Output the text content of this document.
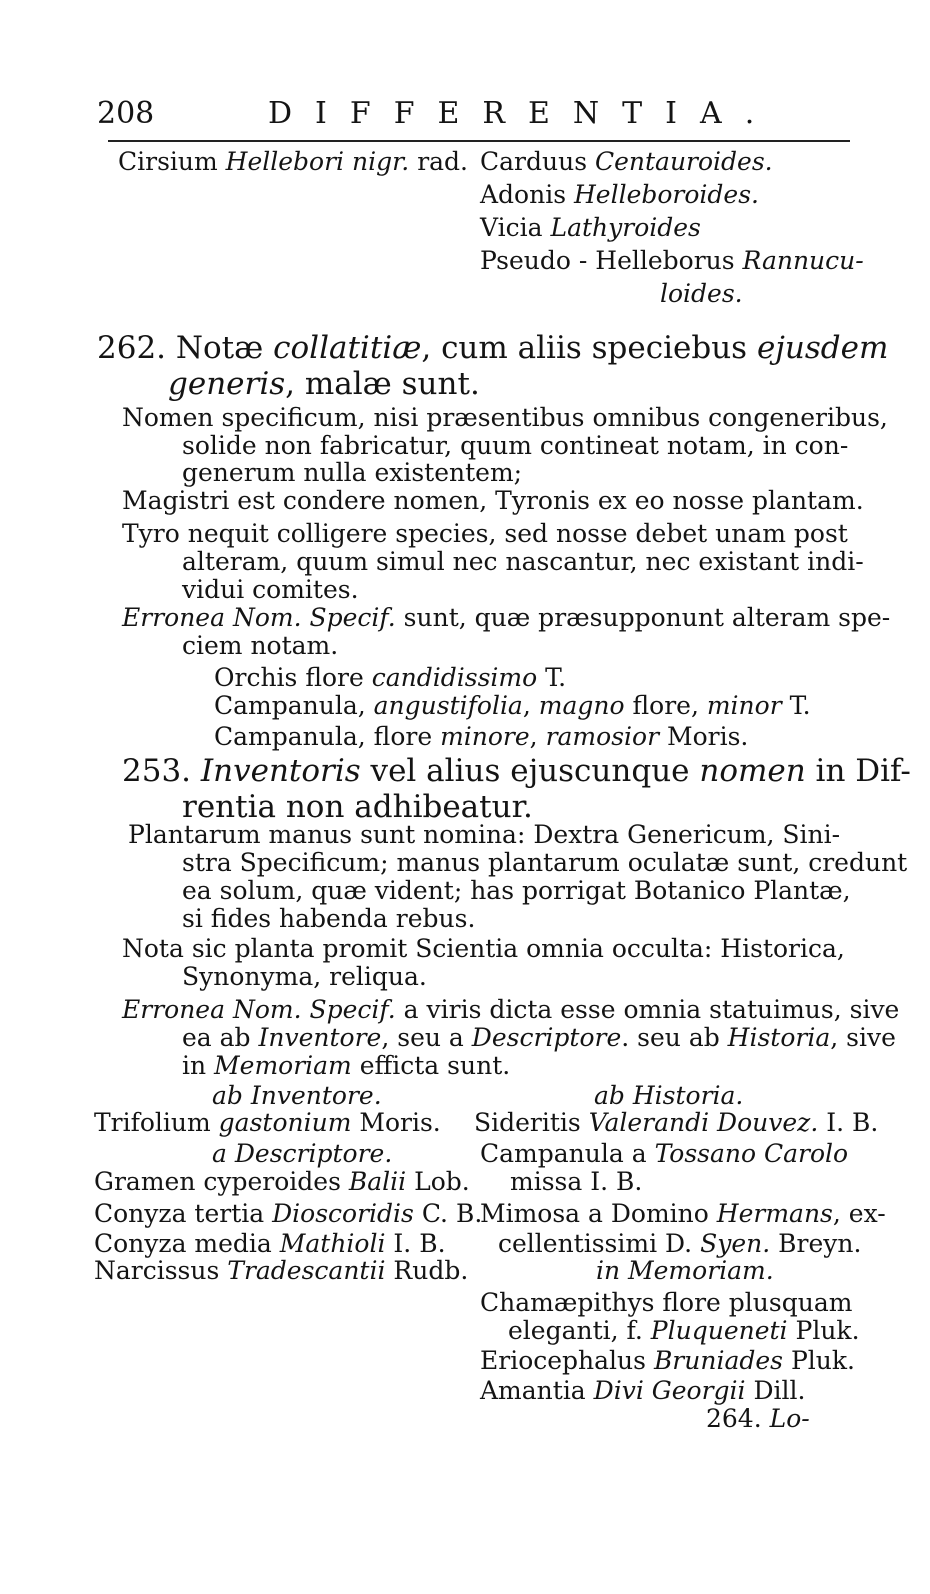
208	DIFFERENTIA.
Cirsium Hellebori nigr. rad. Carduus Centauroides.
Adonis Helleboroides.
Vicia Lathyroides
Pseudo - Helleborus Rannucu-
loides.
262. Notæ collatitiæ, cum aliis speciebus ejusdem
generis, malæ sunt.
Nomen specificum, nisi præsentibus omnibus congeneribus,
solide non fabricatur, quum contineat notam, in con-
generum nulla existentem;
Magistri est condere nomen, Tyronis ex eo nosse plantam.
Tyro nequit colligere species, sed nosse debet unam post
alteram, quum simul nec nascantur, nec existant indi-
vidui comites.
Erronea Nom. Specif. sunt, quæ præsupponunt alteram spe-
ciem notam.
Orchis flore candidissimo T.
Campanula, angustifolia, magno flore, minor T.
Campanula, flore minore, ramosior Moris.
253. Inventoris vel alius ejuscunque nomen in Dif-
rentia non adhibeatur.
Plantarum manus sunt nomina: Dextra Genericum, Sini-
stra Specificum; manus plantarum oculatæ sunt, credunt
ea solum, quæ vident; has porrigat Botanico Plantæ,
si fides habenda rebus.
Nota sic planta promit Scientia omnia occulta: Historica,
Synonyma, reliqua.
Erronea Nom. Specif. a viris dicta esse omnia statuimus, sive
ea ab Inventore, seu a Descriptore. seu ab Historia, sive
in Memoriam efficta sunt.
ab Inventore.
Trifolium gastonium Moris.
a Descriptore.
Gramen cyperoides Balii Lob.
Conyza tertia Dioscoridis C. B.
Conyza media Mathioli I. B.
Narcissus Tradescantii Rudb.
ab Historia.
Sideritis Valerandi Douvez. I. B.
Campanula a Tossano Carolo
missa I. B.
Mimosa a Domino Hermans, ex-
cellentissimi D. Syen. Breyn.
in Memoriam.
Chamæpithys flore plusquam
eleganti, f. Pluqueneti Pluk.
Eriocephalus Bruniades Pluk.
Amantia Divi Georgii Dill.
264. Lo-
